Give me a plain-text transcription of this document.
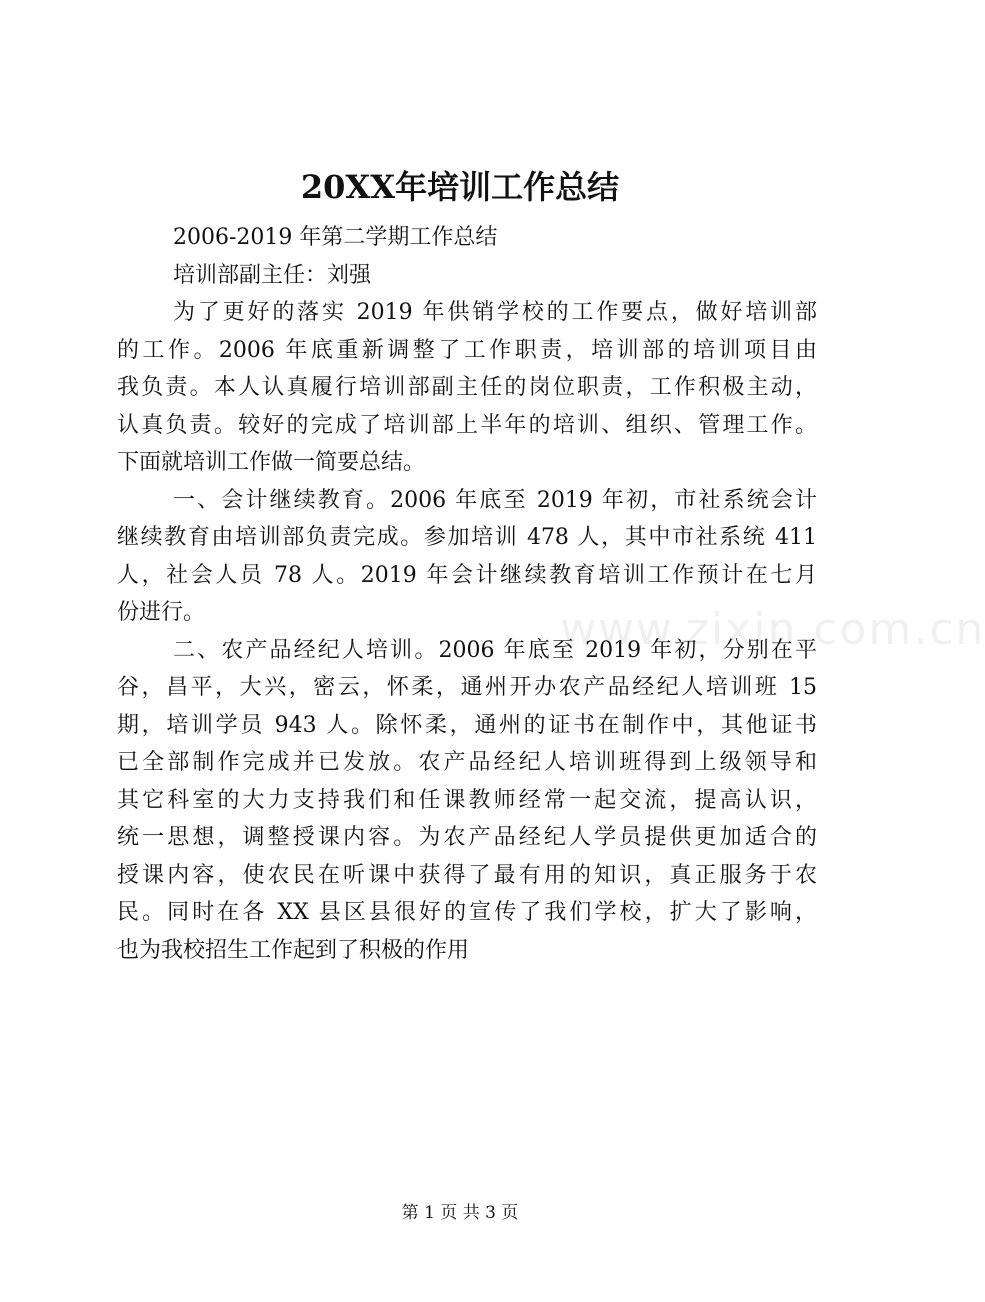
www.zixin.com.cn
20XX年培训工作总结
2006-2019 年第二学期工作总结
培训部副主任：刘强
为了更好的落实 2019 年供销学校的工作要点，做好培训部
的工作。2006 年底重新调整了工作职责，培训部的培训项目由
我负责。本人认真履行培训部副主任的岗位职责，工作积极主动，
认真负责。较好的完成了培训部上半年的培训、组织、管理工作。
下面就培训工作做一简要总结。
一、会计继续教育。2006 年底至 2019 年初，市社系统会计
继续教育由培训部负责完成。参加培训 478 人，其中市社系统 411
人，社会人员 78 人。2019 年会计继续教育培训工作预计在七月
份进行。
二、农产品经纪人培训。2006 年底至 2019 年初，分别在平
谷，昌平，大兴，密云，怀柔，通州开办农产品经纪人培训班 15
期，培训学员 943 人。除怀柔，通州的证书在制作中，其他证书
已全部制作完成并已发放。农产品经纪人培训班得到上级领导和
其它科室的大力支持我们和任课教师经常一起交流，提高认识，
统一思想，调整授课内容。为农产品经纪人学员提供更加适合的
授课内容，使农民在听课中获得了最有用的知识，真正服务于农
民。同时在各 XX 县区县很好的宣传了我们学校，扩大了影响，
也为我校招生工作起到了积极的作用
第 1 页 共 3 页
